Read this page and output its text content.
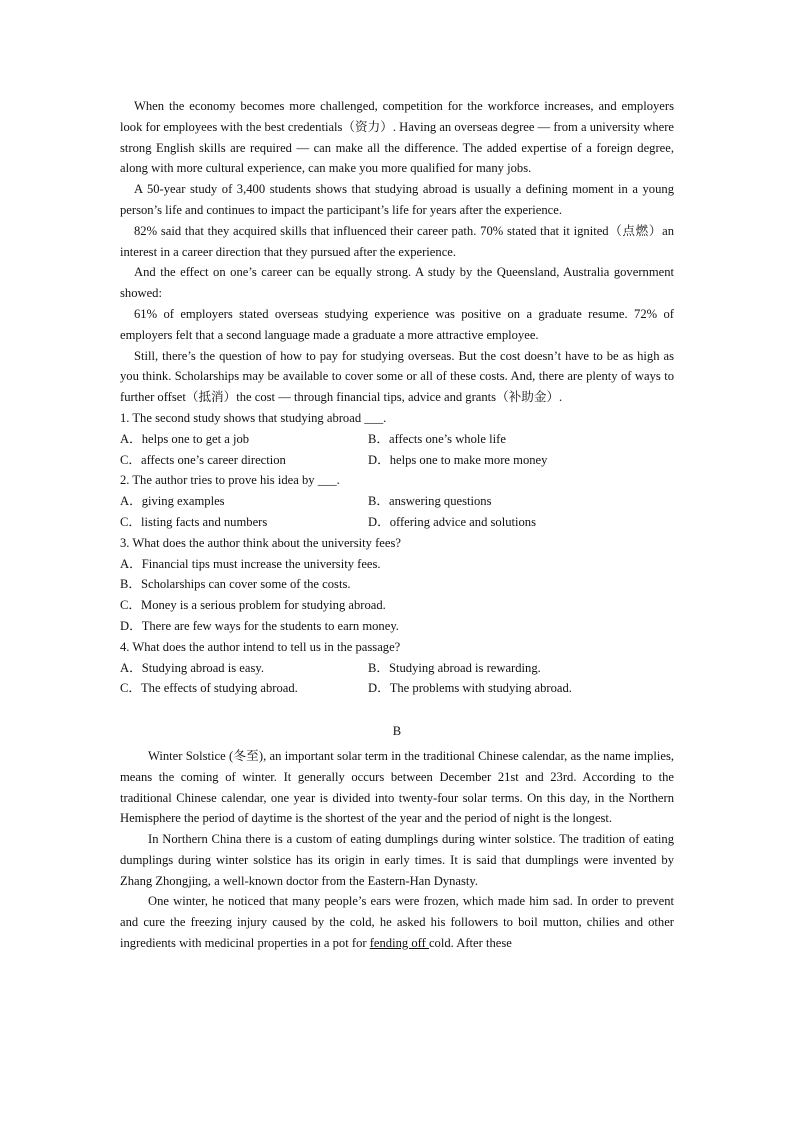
When the economy becomes more challenged, competition for the workforce increases, and employers look for employees with the best credentials（资力）. Having an overseas degree — from a university where strong English skills are required — can make all the difference. The added expertise of a foreign degree, along with more cultural experience, can make you more qualified for many jobs.

A 50-year study of 3,400 students shows that studying abroad is usually a defining moment in a young person’s life and continues to impact the participant’s life for years after the experience.

82% said that they acquired skills that influenced their career path. 70% stated that it ignited（点燃）an interest in a career direction that they pursued after the experience.

And the effect on one’s career can be equally strong. A study by the Queensland, Australia government showed:

61% of employers stated overseas studying experience was positive on a graduate resume. 72% of employers felt that a second language made a graduate a more attractive employee.

Still, there’s the question of how to pay for studying overseas. But the cost doesn’t have to be as high as you think. Scholarships may be available to cover some or all of these costs. And, there are plenty of ways to further offset（抵消）the cost — through financial tips, advice and grants（补助金）.

1. The second study shows that studying abroad ___.

A．helps one to get a job	B．affects one’s whole life
C．affects one’s career direction	D．helps one to make more money

2. The author tries to prove his idea by ___.

A．giving examples	B．answering questions
C．listing facts and numbers	D．offering advice and solutions

3. What does the author think about the university fees?

A．Financial tips must increase the university fees.

B．Scholarships can cover some of the costs.

C．Money is a serious problem for studying abroad.

D．There are few ways for the students to earn money.

4. What does the author intend to tell us in the passage?

A．Studying abroad is easy.	B．Studying abroad is rewarding.
C．The effects of studying abroad.	D．The problems with studying abroad.
B

Winter Solstice (冬至), an important solar term in the traditional Chinese calendar, as the name implies, means the coming of winter. It generally occurs between December 21st and 23rd. According to the traditional Chinese calendar, one year is divided into twenty-four solar terms. On this day, in the Northern Hemisphere the period of daytime is the shortest of the year and the period of night is the longest.

In Northern China there is a custom of eating dumplings during winter solstice. The tradition of eating dumplings during winter solstice has its origin in early times. It is said that dumplings were invented by Zhang Zhongjing, a well-known doctor from the Eastern-Han Dynasty.

One winter, he noticed that many people’s ears were frozen, which made him sad. In order to prevent and cure the freezing injury caused by the cold, he asked his followers to boil mutton, chilies and other ingredients with medicinal properties in a pot for fending off cold. After these
